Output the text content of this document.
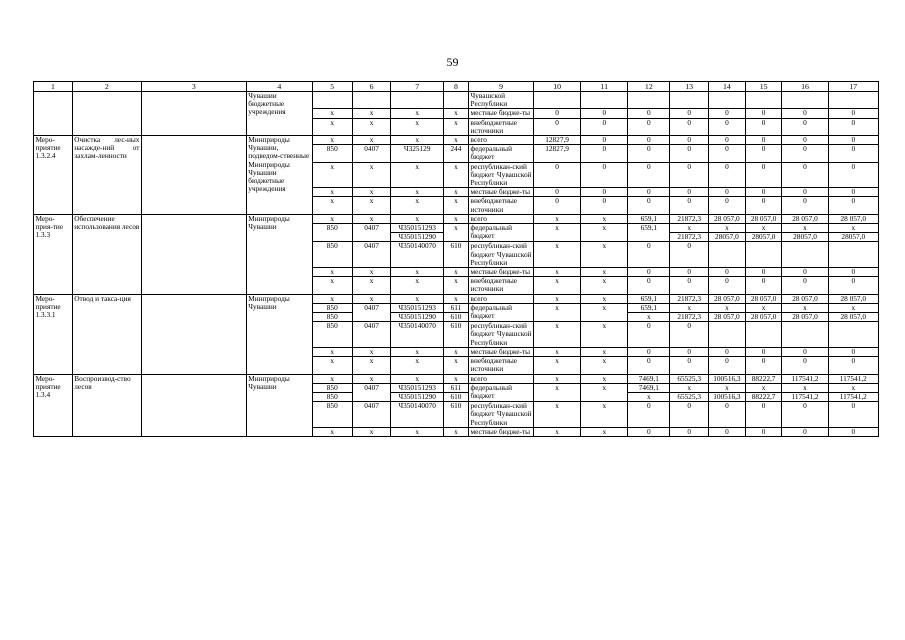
59
1	2	3	4	5	6	7	8	9	10	11	12	13	14	15	16	17
			Чувашии бюджетные учреждения					Чувашской Республики								
				х	х	х	х	местные бюдже-ты	0	0	0	0	0	0	0	0
				х	х	х	х	внебюджетные источники	0	0	0	0	0	0	0	0
Меро-приятие 1.3.2.4	Очистка лес-ных насажде-ний от захлам-ленности		Минприроды Чувашии, подведом-ственные Минприроды Чувашии бюджетные учреждения	х	х	х	х	всего	12827,9	0	0	0	0	0	0	0
				850	0407	Ч325129	244	федеральный бюджет	12827,9	0	0	0	0	0	0	0
				х	х	х	х	республикан-ский бюджет Чувашской Республики	0	0	0	0	0	0	0	0
				х	х	х	х	местные бюдже-ты	0	0	0	0	0	0	0	0
				х	х	х	х	внебюджетные источники	0	0	0	0	0	0	0	0
Меро-прия-тие 1.3.3	Обеспечение использования лесов		Минприроды Чувашии	х	х	х	х	всего	х	х	659,1	21872,3	28 057,0	28 057,0	28 057,0	28 057,0
				850	0407	Ч350151293	х	федеральный бюджет	х	х	659,1	х	х	х	х	х
						Ч350151290						21872,3	28057,0	28057,0	28057,0	28057,0
				850	0407	Ч350140070	610	республикан-ский бюджет Чувашской Республики	х	х	0	0				
				х	х	х	х	местные бюдже-ты	х	х	0	0	0	0	0	0
				х	х	х	х	внебюджетные источники	х	х	0	0	0	0	0	0
Меро-приятие 1.3.3.1	Отвод и такса-ция		Минприроды Чувашии	х	х	х	х	всего	х	х	659,1	21872,3	28 057,0	28 057,0	28 057,0	28 057,0
				850	0407	Ч350151293	611	федеральный бюджет	х	х	659,1	х	х	х	х	х
				850		Ч350151290	610				х	21872,3	28 057,0	28 057,0	28 057,0	28 057,0
				850	0407	Ч350140070	610	республикан-ский бюджет Чувашской Республики	х	х	0	0				
				х	х	х	х	местные бюдже-ты	х	х	0	0	0	0	0	0
				х	х	х	х	внебюджетные источники	х	х	0	0	0	0	0	0
Меро-приятие 1.3.4	Воспроизвод-ство лесов		Минприроды Чувашии	х	х	х	х	всего	х	х	7469,1	65525,3	100516,3	88222,7	117541,2	117541,2
				850	0407	Ч350151293	611	федеральный бюджет	х	х	7469,1	х	х	х	х	х
				850		Ч350151290	610				х	65525,3	100516,3	88222,7	117541,2	117541,2
				850	0407	Ч350140070	610	республикан-ский бюджет Чувашской Республики	х	х	0	0	0	0	0	0
				х	х	х	х	местные бюдже-ты	х	х	0	0	0	0	0	0
